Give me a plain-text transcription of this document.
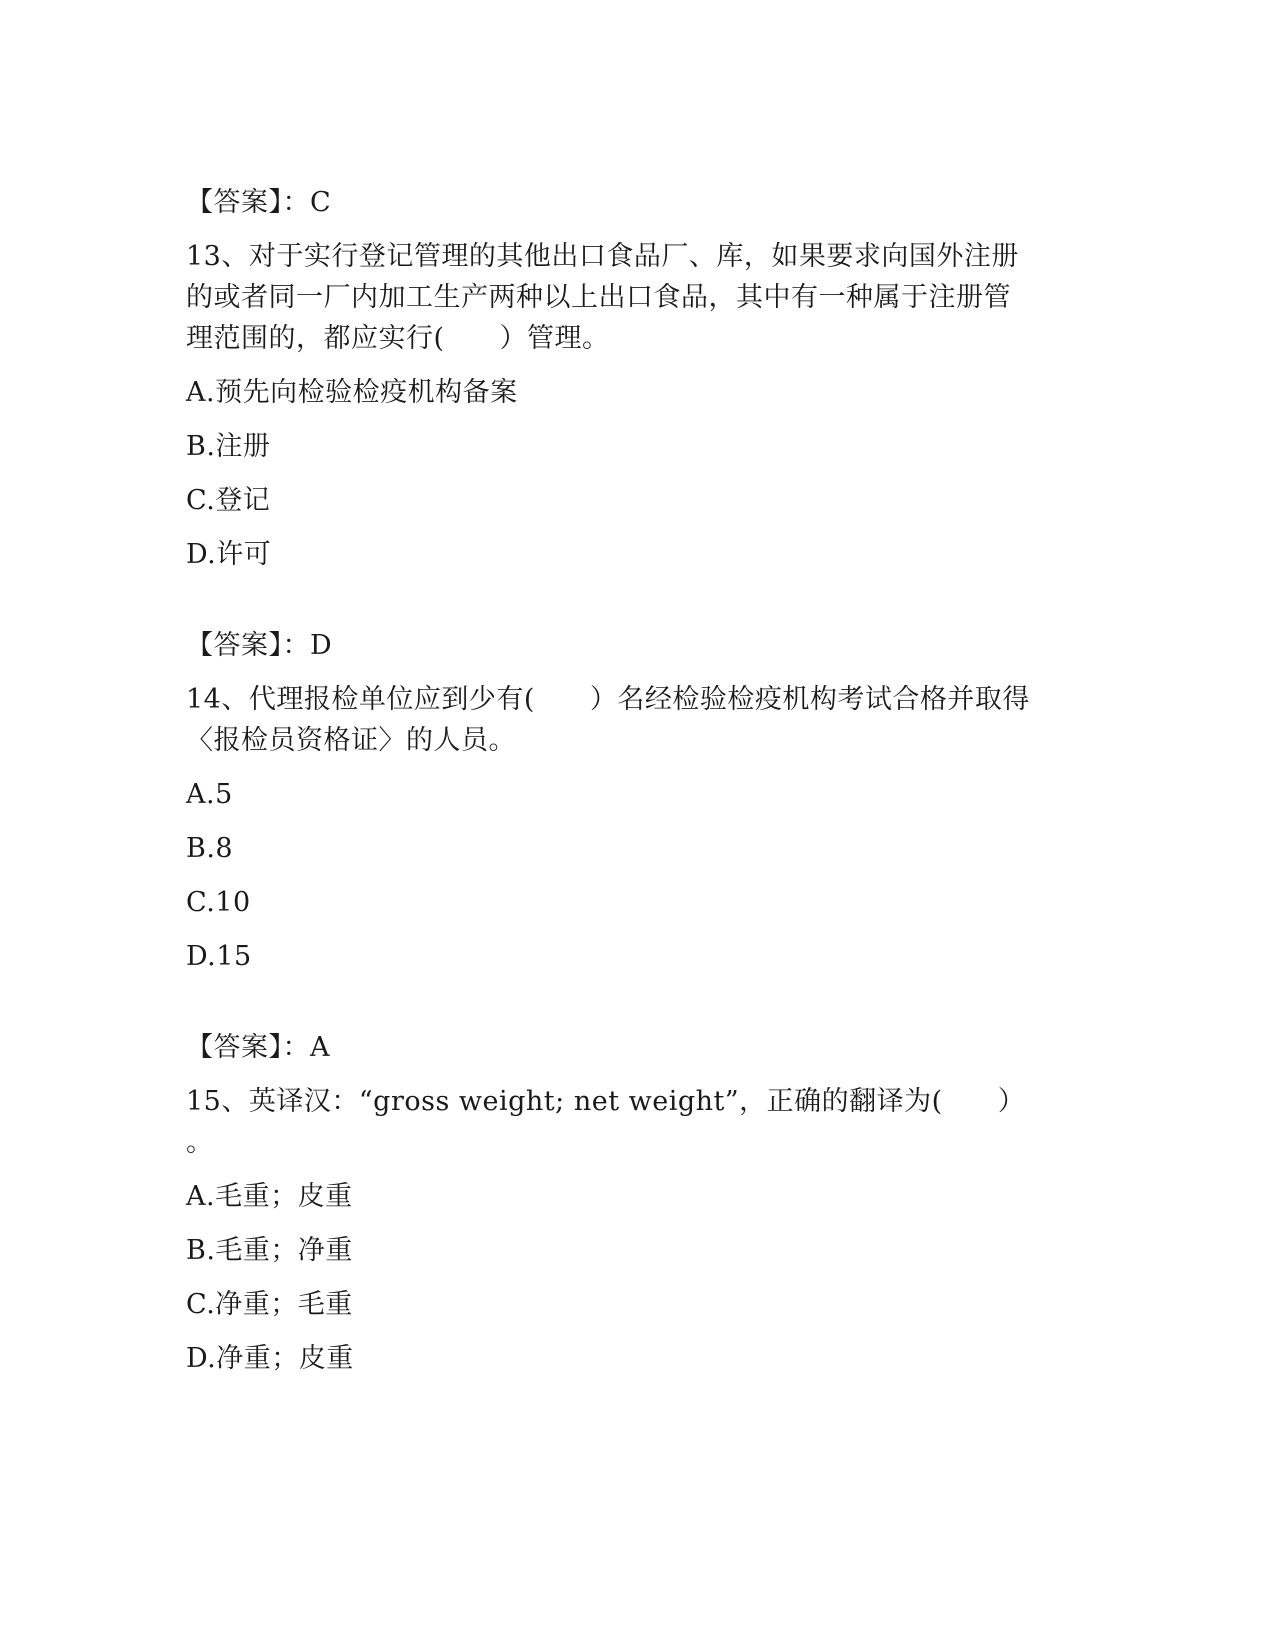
【答案】：C
13、对于实行登记管理的其他出口食品厂、库，如果要求向国外注册
的或者同一厂内加工生产两种以上出口食品，其中有一种属于注册管
理范围的，都应实行(　　）管理。
A.预先向检验检疫机构备案
B.注册
C.登记
D.许可
【答案】：D
14、代理报检单位应到少有(　　）名经检验检疫机构考试合格并取得
〈报检员资格证〉的人员。
A.5
B.8
C.10
D.15
【答案】：A
15、英译汉：“gross weight; net weight”，正确的翻译为(　　）
。
A.毛重；皮重
B.毛重；净重
C.净重；毛重
D.净重；皮重
